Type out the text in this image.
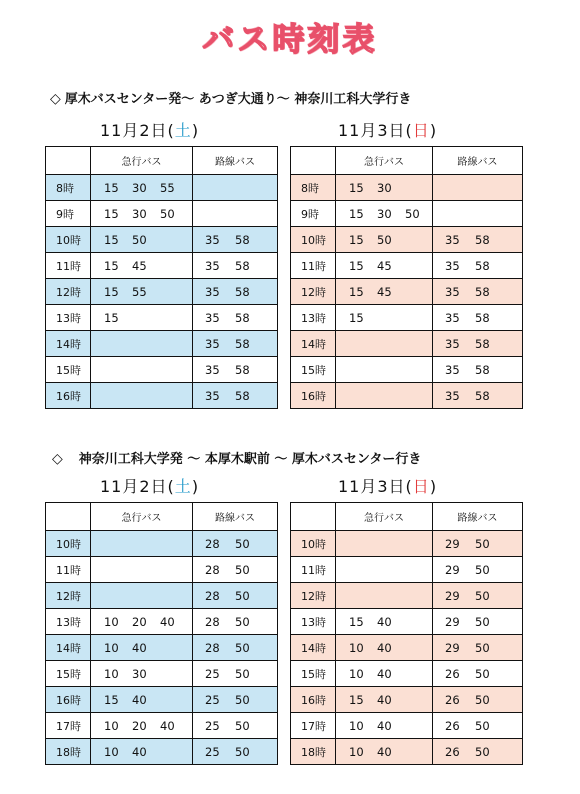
バス時刻表
◇ 厚木バスセンター発〜 あつぎ大通り〜 神奈川工科大学行き
11月2日(土)	11月3日(日)
	急行バス	路線バス
8時	15 30 55	
9時	15 30 50	
10時	15 50	35 58
11時	15 45	35 58
12時	15 55	35 58
13時	15	35 58
14時		35 58
15時		35 58
16時		35 58
	急行バス	路線バス
8時	15 30	
9時	15 30 50	
10時	15 50	35 58
11時	15 45	35 58
12時	15 45	35 58
13時	15	35 58
14時		35 58
15時		35 58
16時		35 58
◇ 神奈川工科大学発 〜 本厚木駅前 〜 厚木バスセンター行き
11月2日(土)	11月3日(日)
	急行バス	路線バス
10時		28 50
11時		28 50
12時		28 50
13時	10 20 40	28 50
14時	10 40	28 50
15時	10 30	25 50
16時	15 40	25 50
17時	10 20 40	25 50
18時	10 40	25 50
	急行バス	路線バス
10時		29 50
11時		29 50
12時		29 50
13時	15 40	29 50
14時	10 40	29 50
15時	10 40	26 50
16時	15 40	26 50
17時	10 40	26 50
18時	10 40	26 50
